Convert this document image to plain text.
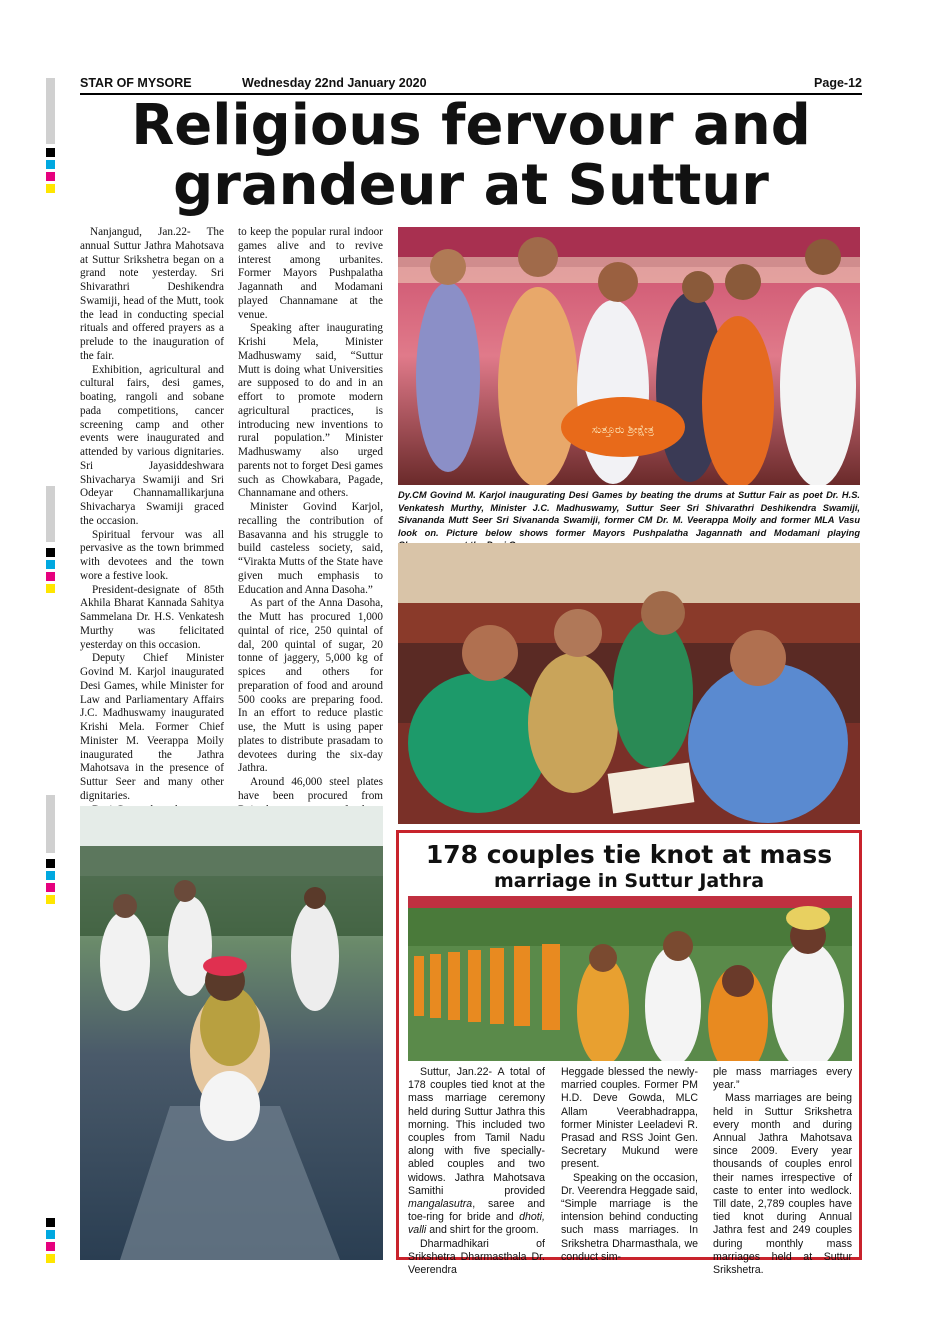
STAR OF MYSORE	Wednesday 22nd January 2020	Page-12
Religious fervour and
grandeur at Suttur

Nanjangud, Jan.22- The annual Suttur Jathra Mahotsava at Suttur Srikshetra began on a grand note yesterday. Sri Shivarathri Deshikendra Swamiji, head of the Mutt, took the lead in conducting special rituals and offered prayers as a prelude to the inauguration of the fair.

Exhibition, agricultural and cultural fairs, desi games, boating, rangoli and sobane pada competitions, cancer screening camp and other events were inaugurated and attended by various dignitaries. Sri Jayasiddeshwara Shivacharya Swamiji and Sri Odeyar Channamallikarjuna Shivacharya Swamiji graced the occasion.

Spiritual fervour was all pervasive as the town brimmed with devotees and the town wore a festive look.

President-designate of 85th Akhila Bharat Kannada Sahitya Sammelana Dr. H.S. Venkatesh Murthy was felicitated yesterday on this occasion.

Deputy Chief Minister Govind M. Karjol inaugurated Desi Games, while Minister for Law and Parliamentary Affairs J.C. Madhuswamy inaugurated Krishi Mela. Former Chief Minister M. Veerappa Moily inaugurated the Jathra Mahotsava in the presence of Suttur Seer and many other dignitaries.

to keep the popular rural indoor games alive and to revive interest among urbanites. Former Mayors Pushpalatha Jagannath and Modamani played Channamane at the venue.

Speaking after inaugurating Krishi Mela, Minister Madhuswamy said, “Suttur Mutt is doing what Universities are supposed to do and in an effort to promote modern agricultural practices, is introducing new inventions to rural population.” Minister Madhuswamy also urged parents not to forget Desi games such as Chowkabara, Pagade, Channamane and others.

Minister Govind Karjol, recalling the contribution of Basavanna and his struggle to build casteless society, said, “Virakta Mutts of the State have given much emphasis to Education and Anna Dasoha.”

As part of the Anna Dasoha, the Mutt has procured 1,000 quintal of rice, 250 quintal of dal, 200 quintal of sugar, 20 tonne of jaggery, 5,000 kg of spices and others for preparation of food and around 500 cooks are preparing food. In an effort to reduce plastic use, the Mutt is using paper plates to distribute prasadam to devotees during the six-day Jathra.

Around 46,000 steel plates have been procured from

ಸುತ್ತೂರು ಶ್ರೀಕ್ಷೇತ್ರ
Dy.CM Govind M. Karjol inaugurating Desi Games by beating the drums at Suttur Fair as poet Dr. H.S. Venkatesh Murthy, Minister J.C. Madhuswamy, Suttur Seer Sri Shivarathri Deshikendra Swamiji, Sivananda Mutt Seer Sri Sivananda Swamiji, former CM Dr. M. Veerappa Moily and former MLA Vasu look on. Picture below shows former Mayors Pushpalatha Jagannath and Modamani playing
178 couples tie knot at mass
marriage in Suttur Jathra

Suttur, Jan.22- A total of 178 couples tied knot at the mass marriage ceremony held during Suttur Jathra this morning. This included two couples from Tamil Nadu along with five specially-abled couples and two widows. Jathra Mahotsava Samithi provided mangalasutra, saree and toe-ring for bride and dhoti, valli and shirt for the groom.

Dharmadhikari of Srikshetra Dharmasthala Dr. Veerendra

Heggade blessed the newly- married couples. Former PM H.D. Deve Gowda, MLC Allam Veerabhadrappa, former Minister Leeladevi R. Prasad and RSS Joint Gen. Secretary Mukund were present.

Speaking on the occasion, Dr. Veerendra Heggade said, “Simple marriage is the intension behind conducting such mass marriages. In Srikshetra Dharmasthala, we conduct sim-

ple mass marriages every year.”

Mass marriages are being held in Suttur Srikshetra every month and during Annual Jathra Mahotsava since 2009. Every year thousands of couples enrol their names irrespective of caste to enter into wedlock. Till date, 2,789 couples have tied knot during Annual Jathra fest and 249 couples during monthly mass marriages held at Suttur Srikshetra.
